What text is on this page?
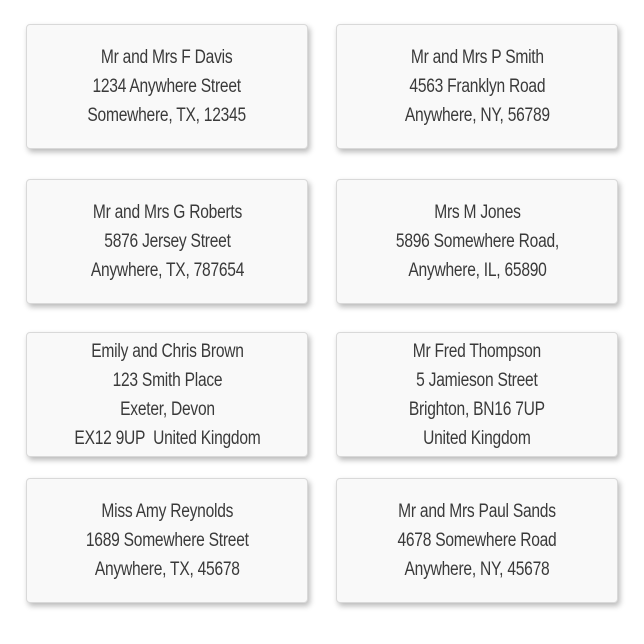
Mr and Mrs F Davis
1234 Anywhere Street
Somewhere, TX, 12345
Mr and Mrs P Smith
4563 Franklyn Road
Anywhere, NY, 56789
Mr and Mrs G Roberts
5876 Jersey Street
Anywhere, TX, 787654
Mrs M Jones
5896 Somewhere Road,
Anywhere, IL, 65890
Emily and Chris Brown
123 Smith Place
Exeter, Devon
EX12 9UP  United Kingdom
Mr Fred Thompson
5 Jamieson Street
Brighton, BN16 7UP
United Kingdom
Miss Amy Reynolds
1689 Somewhere Street
Anywhere, TX, 45678
Mr and Mrs Paul Sands
4678 Somewhere Road
Anywhere, NY, 45678
